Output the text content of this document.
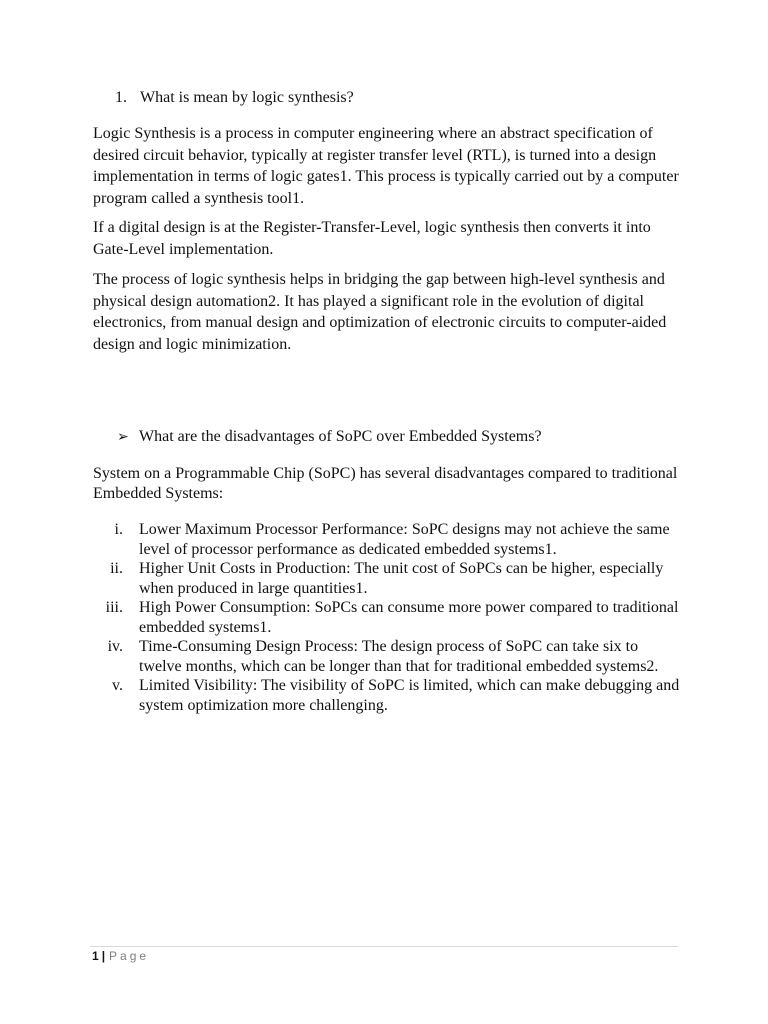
1. What is mean by logic synthesis?
Logic Synthesis is a process in computer engineering where an abstract specification of desired circuit behavior, typically at register transfer level (RTL), is turned into a design implementation in terms of logic gates1. This process is typically carried out by a computer program called a synthesis tool1.
If a digital design is at the Register-Transfer-Level, logic synthesis then converts it into Gate-Level implementation.
The process of logic synthesis helps in bridging the gap between high-level synthesis and physical design automation2. It has played a significant role in the evolution of digital electronics, from manual design and optimization of electronic circuits to computer-aided design and logic minimization.
➢ What are the disadvantages of SoPC over Embedded Systems?
System on a Programmable Chip (SoPC) has several disadvantages compared to traditional Embedded Systems:
i. Lower Maximum Processor Performance: SoPC designs may not achieve the same level of processor performance as dedicated embedded systems1.
ii. Higher Unit Costs in Production: The unit cost of SoPCs can be higher, especially when produced in large quantities1.
iii. High Power Consumption: SoPCs can consume more power compared to traditional embedded systems1.
iv. Time-Consuming Design Process: The design process of SoPC can take six to twelve months, which can be longer than that for traditional embedded systems2.
v. Limited Visibility: The visibility of SoPC is limited, which can make debugging and system optimization more challenging.
1 | Page
